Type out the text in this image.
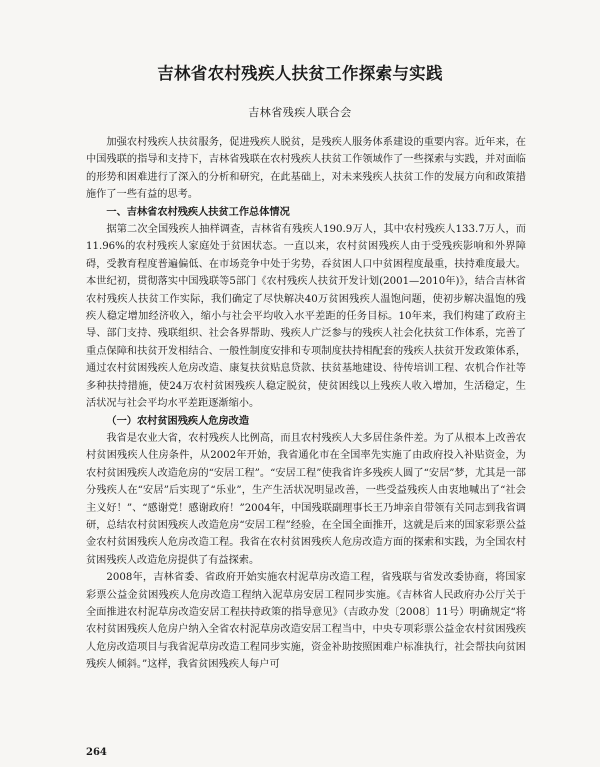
吉林省农村残疾人扶贫工作探索与实践
吉林省残疾人联合会

加强农村残疾人扶贫服务，促进残疾人脱贫，是残疾人服务体系建设的重要内容。近年来，在中国残联的指导和支持下，吉林省残联在农村残疾人扶贫工作领域作了一些探索与实践，并对面临的形势和困难进行了深入的分析和研究，在此基础上，对未来残疾人扶贫工作的发展方向和政策措施作了一些有益的思考。

一、吉林省农村残疾人扶贫工作总体情况

据第二次全国残疾人抽样调查，吉林省有残疾人190.9万人，其中农村残疾人133.7万人，而11.96%的农村残疾人家庭处于贫困状态。一直以来，农村贫困残疾人由于受残疾影响和外界障碍，受教育程度普遍偏低、在市场竞争中处于劣势，吞贫困人口中贫困程度最重，扶持难度最大。本世纪初，贯彻落实中国残联等5部门《农村残疾人扶贫开发计划(2001—2010年)》，结合吉林省农村残疾人扶贫工作实际，我们确定了尽快解决40万贫困残疾人温饱问题，使初步解决温饱的残疾人稳定增加经济收入，缩小与社会平均收入水平差距的任务目标。10年来，我们构建了政府主导、部门支持、残联组织、社会各界帮助、残疾人广泛参与的残疾人社会化扶贫工作体系，完善了重点保障和扶贫开发相结合、一般性制度安排和专项制度扶持相配套的残疾人扶贫开发政策体系，通过农村贫困残疾人危房改造、康复扶贫贴息贷款、扶贫基地建设、待传培训工程、农机合作社等多种扶持措施，使24万农村贫困残疾人稳定脱贫，使贫困线以上残疾人收入增加，生活稳定，生活状况与社会平均水平差距逐渐缩小。

（一）农村贫困残疾人危房改造

我省是农业大省，农村残疾人比例高，而且农村残疾人大多居住条件差。为了从根本上改善农村贫困残疾人住房条件，从2002年开始，我省通化市在全国率先实施了由政府投入补贴资金，为农村贫困残疾人改造危房的“安居工程”。“安居工程”使我省许多残疾人圆了“安居”梦，尤其是一部分残疾人在“安居”后实现了“乐业”，生产生活状况明显改善，一些受益残疾人由衷地喊出了“社会主义好！”、“感谢党！感谢政府！”2004年，中国残联副理事长王乃坤亲自带领有关同志到我省调研，总结农村贫困残疾人改造危房“安居工程”经验，在全国全面推开，这就是后来的国家彩票公益金农村贫困残疾人危房改造工程。我省在农村贫困残疾人危房改造方面的探索和实践，为全国农村贫困残疾人改造危房提供了有益探索。

2008年，吉林省委、省政府开始实施农村泥草房改造工程，省残联与省发改委协商，将国家彩票公益金贫困残疾人危房改造工程纳入泥草房安居工程同步实施。《吉林省人民政府办公厅关于全面推进农村泥草房改造安居工程扶持政策的指导意见》（吉政办发〔2008〕11号）明确规定“将农村贫困残疾人危房户纳入全省农村泥草房改造安居工程当中，中央专项彩票公益金农村贫困残疾人危房改造项目与我省泥草房改造工程同步实施，资金补助按照困难户标准执行，社会帮扶向贫困残疾人倾斜。”这样，我省贫困残疾人每户可

264
